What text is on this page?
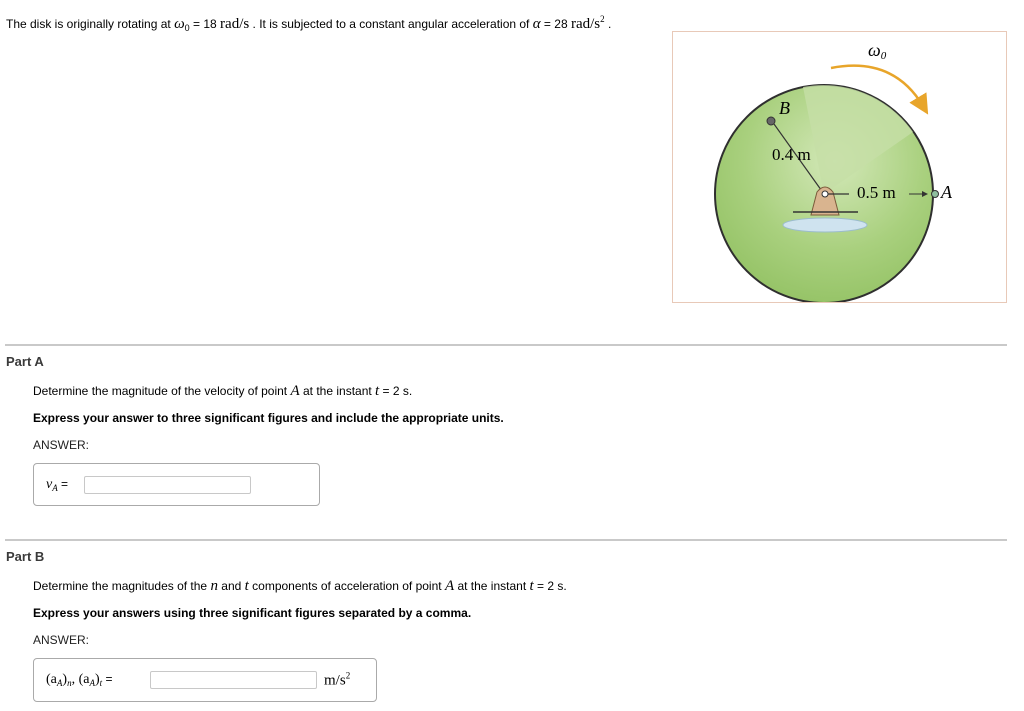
The disk is originally rotating at $\omega_0 = 18$ rad/s . It is subjected to a constant angular acceleration of α = 28 rad/$s^2$ .
$\omega_0$
B
0.4 m
0.5 m	A
Part A
Determine the magnitude of the velocity of point A at the instant t = 2 s.
Express your answer to three significant figures and include the appropriate units.
ANSWER:
$v_A$ =
Part B
Determine the magnitudes of the n and t components of acceleration of point A at the instant t = 2 s.
Express your answers using three significant figures separated by a comma.
ANSWER:
$(a_A)_n$, $(a_A)_t$ =	$m/s^2$
